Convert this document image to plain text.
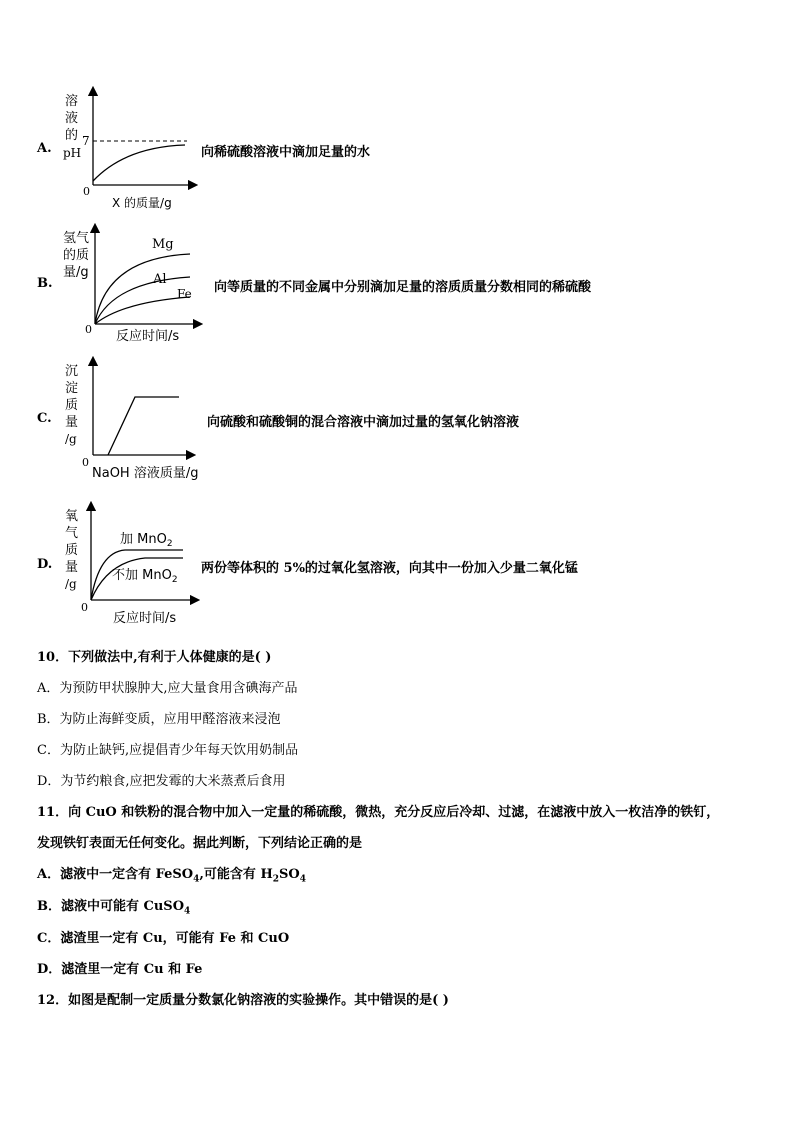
A.
溶
液
的 7
pH
0
X 的质量/g
向稀硫酸溶液中滴加足量的水
B.
氢气
的质
量/g
Mg
Al
Fe
0 反应时间/s
向等质量的不同金属中分别滴加足量的溶质质量分数相同的稀硫酸
C.
沉
淀
质
量
/g
0
NaOH 溶液质量/g
向硫酸和硫酸铜的混合溶液中滴加过量的氢氧化钠溶液
D.
氧
气
质
量
/g
加 MnO$_2$
不加 MnO$_2$
0
反应时间/s
两份等体积的 5%的过氧化氢溶液，向其中一份加入少量二氧化锰
10．下列做法中,有利于人体健康的是( )
A．为预防甲状腺肿大,应大量食用含碘海产品
B．为防止海鲜变质，应用甲醛溶液来浸泡
C．为防止缺钙,应提倡青少年每天饮用奶制品
D．为节约粮食,应把发霉的大米蒸煮后食用
11．向 CuO 和铁粉的混合物中加入一定量的稀硫酸，微热，充分反应后冷却、过滤，在滤液中放入一枚洁净的铁钉，
发现铁钉表面无任何变化。据此判断，下列结论正确的是
A．滤液中一定含有 FeSO$_4$,可能含有 $H_2SO_4$
B．滤液中可能有 CuSO$_4$
C．滤渣里一定有 Cu，可能有 Fe 和 CuO
D．滤渣里一定有 Cu 和 Fe
12．如图是配制一定质量分数氯化钠溶液的实验操作。其中错误的是( )
